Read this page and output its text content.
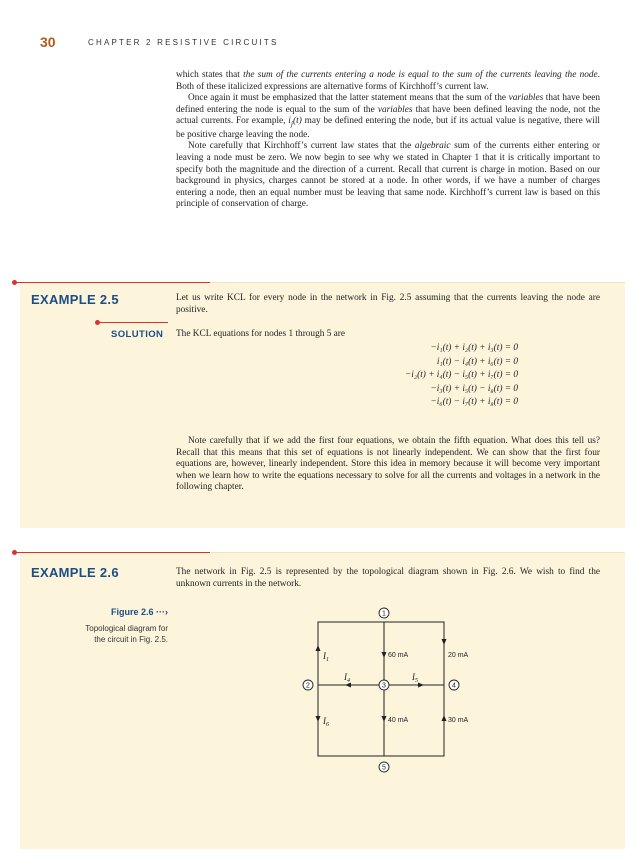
30	CHAPTER 2 RESISTIVE CIRCUITS

which states that the sum of the currents entering a node is equal to the sum of the currents leaving the node. Both of these italicized expressions are alternative forms of Kirchhoff’s current law.

Once again it must be emphasized that the latter statement means that the sum of the variables that have been defined entering the node is equal to the sum of the variables that have been defined leaving the node, not the actual currents. For example, $i_j(t)$ may be defined entering the node, but if its actual value is negative, there will be positive charge leaving the node.

Note carefully that Kirchhoff’s current law states that the algebraic sum of the currents either entering or leaving a node must be zero. We now begin to see why we stated in Chapter 1 that it is critically important to specify both the magnitude and the direction of a current. Recall that current is charge in motion. Based on our background in physics, charges cannot be stored at a node. In other words, if we have a number of charges entering a node, then an equal number must be leaving that same node. Kirchhoff’s current law is based on this principle of conservation of charge.

EXAMPLE 2.5	Let us write KCL for every node in the network in Fig. 2.5 assuming that the currents leaving the node are positive.

SOLUTION The KCL equations for nodes 1 through 5 are

−i₁(t) + i₂(t) + i₃(t) = 0
i₁(t) − i₄(t) + i₆(t) = 0
−i₂(t) + i₄(t) − i₅(t) + i₇(t) = 0
−i₃(t) + i₅(t) − i₈(t) = 0
−i₆(t) − i₇(t) + i₈(t) = 0

Note carefully that if we add the first four equations, we obtain the fifth equation. What does this tell us? Recall that this means that this set of equations is not linearly independent. We can show that the first four equations are, however, linearly independent. Store this idea in memory because it will become very important when we learn how to write the equations necessary to solve for all the currents and voltages in a network in the following chapter.

EXAMPLE 2.6	The network in Fig. 2.5 is represented by the topological diagram shown in Fig. 2.6. We wish to find the unknown currents in the network.

Figure 2.6 ···›
Topological diagram for
the circuit in Fig. 2.5.
1
2	3	4
5
$I_1$
60 mA	20 mA
$I_4$	$I_5$
$I_6$
40 mA	30 mA
